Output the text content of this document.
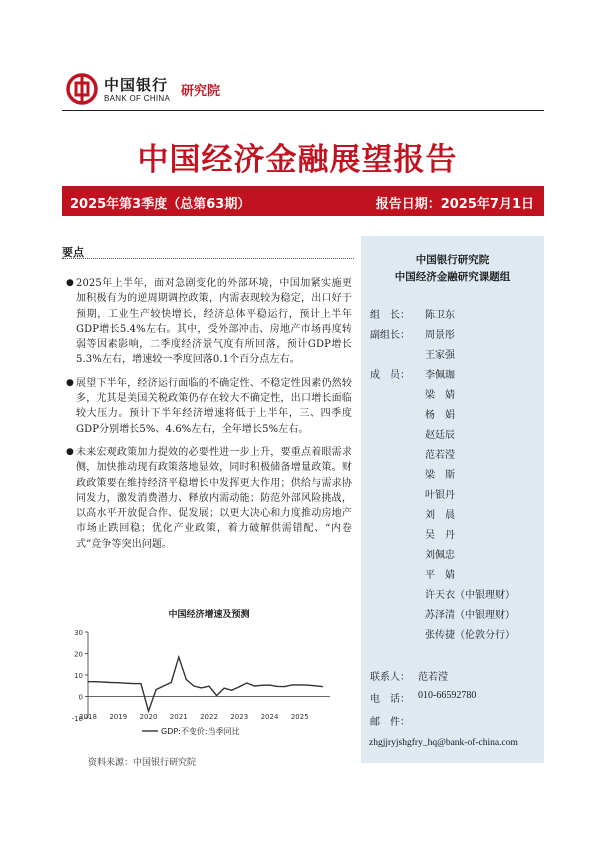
中国银行
BANK OF CHINA 研究院
中国经济金融展望报告
2025年第3季度（总第63期）	报告日期：2025年7月1日
要点
● 2025年上半年，面对急剧变化的外部环境，中国加紧实施更加积极有为的逆周期调控政策，内需表现较为稳定，出口好于预期，工业生产较快增长，经济总体平稳运行，预计上半年GDP增长5.4%左右。其中，受外部冲击、房地产市场再度转弱等因素影响，二季度经济景气度有所回落，预计GDP增长5.3%左右，增速较一季度回落0.1个百分点左右。
● 展望下半年，经济运行面临的不确定性、不稳定性因素仍然较多，尤其是美国关税政策仍存在较大不确定性，出口增长面临较大压力。预计下半年经济增速将低于上半年，三、四季度GDP分别增长5%、4.6%左右，全年增长5%左右。
● 未来宏观政策加力提效的必要性进一步上升，要重点着眼需求侧，加快推动现有政策落地显效，同时积极储备增量政策。财政政策要在维持经济平稳增长中发挥更大作用；供给与需求协同发力，激发消费潜力、释放内需动能；防范外部风险挑战，以高水平开放促合作、促发展；以更大决心和力度推动房地产市场止跌回稳；优化产业政策，着力破解供需错配、“内卷式”竞争等突出问题。
中国经济增速及预测
30
20
10
0
-10
2018 2019 2020 2021 2022 2023 2024 2025
GDP:不变价:当季同比
资料来源：中国银行研究院
中国银行研究院
中国经济金融研究课题组
组　长： 陈卫东
副组长： 周景彤
王家强
成　员： 李佩珈
梁　婧
杨　娟
赵廷辰
范若滢
梁　斯
叶银丹
刘　晨
吴　丹
刘佩忠
平　婧
许天衣（中银理财）
苏泽清（中银理财）
张传捷（伦敦分行）
联系人： 范若滢
电　话： 010-66592780
邮　件：
zhgjjryjshgfry_hq@bank-of-china.com
